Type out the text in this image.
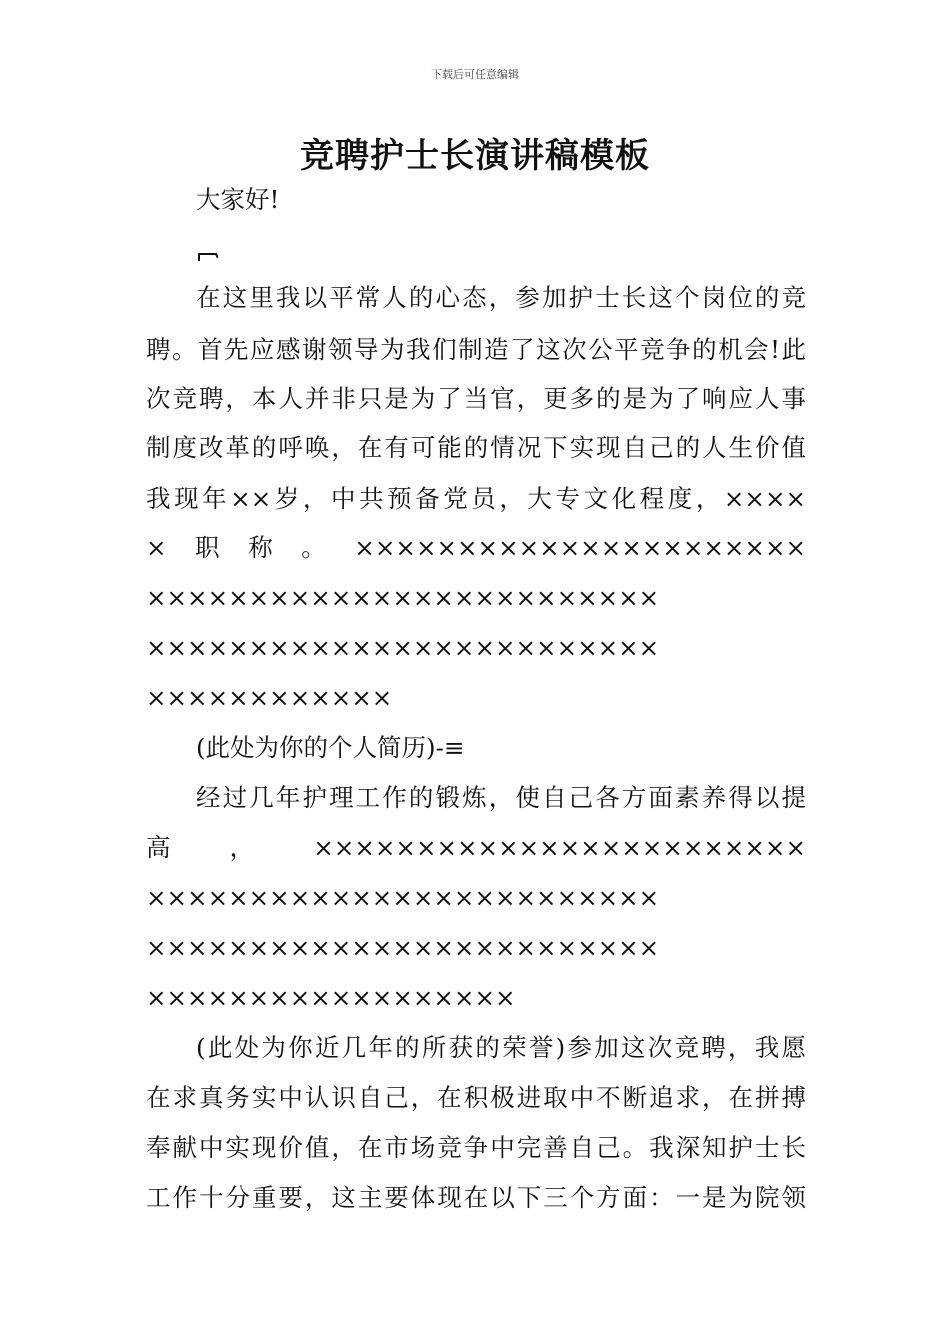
下载后可任意编辑
竞聘护士长演讲稿模板
大家好!
在这里我以平常人的心态，参加护士长这个岗位的竞
聘。首先应感谢领导为我们制造了这次公平竞争的机会!此
次竞聘，本人并非只是为了当官，更多的是为了响应人事
制度改革的呼唤，在有可能的情况下实现自己的人生价值
我现年××岁，中共预备党员，大专文化程度，××××
×职称。××××××××××××××××××××××
×××××××××××××××××××××××××
×××××××××××××××××××××××××
××××××××××××
(此处为你的个人简历)-≡
经过几年护理工作的锻炼，使自己各方面素养得以提
高，××××××××××××××××××××××××
×××××××××××××××××××××××××
×××××××××××××××××××××××××
××××××××××××××××××
(此处为你近几年的所获的荣誉)参加这次竞聘，我愿
在求真务实中认识自己，在积极进取中不断追求，在拼搏
奉献中实现价值，在市场竞争中完善自己。我深知护士长
工作十分重要，这主要体现在以下三个方面：一是为院领
